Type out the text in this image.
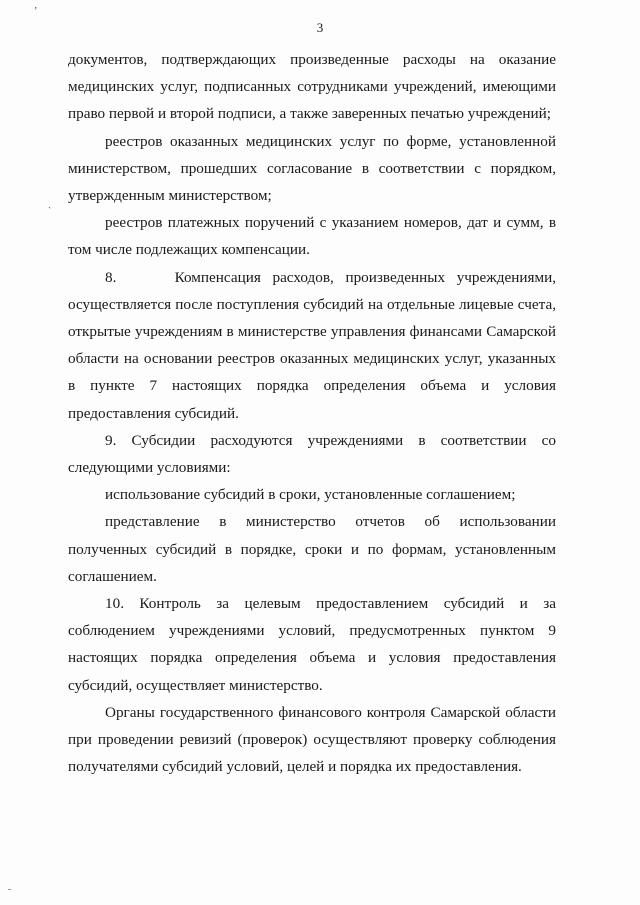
ʼ
ˏ
ˍ
3

документов, подтверждающих произведенные расходы на оказание медицинских услуг, подписанных сотрудниками учреждений, имеющими право первой и второй подписи, а также заверенных печатью учреждений;

реестров оказанных медицинских услуг по форме, установленной министерством, прошедших согласование в соответствии с порядком, утвержденным министерством;

реестров платежных поручений с указанием номеров, дат и сумм, в том числе подлежащих компенсации.

8.     Компенсация расходов, произведенных учреждениями, осуществляется после поступления субсидий на отдельные лицевые счета, открытые учреждениям в министерстве управления финансами Самарской области на основании реестров оказанных медицинских услуг, указанных в пункте 7 настоящих порядка определения объема и условия предоставления субсидий.

9. Субсидии расходуются учреждениями в соответствии со следующими условиями:

использование субсидий в сроки, установленные соглашением;

представление в министерство отчетов об использовании полученных субсидий в порядке, сроки и по формам, установленным соглашением.

10. Контроль за целевым предоставлением субсидий и за соблюдением учреждениями условий, предусмотренных пунктом 9 настоящих порядка определения объема и условия предоставления субсидий, осуществляет министерство.

Органы государственного финансового контроля Самарской области при проведении ревизий (проверок) осуществляют проверку соблюдения получателями субсидий условий, целей и порядка их предоставления.
